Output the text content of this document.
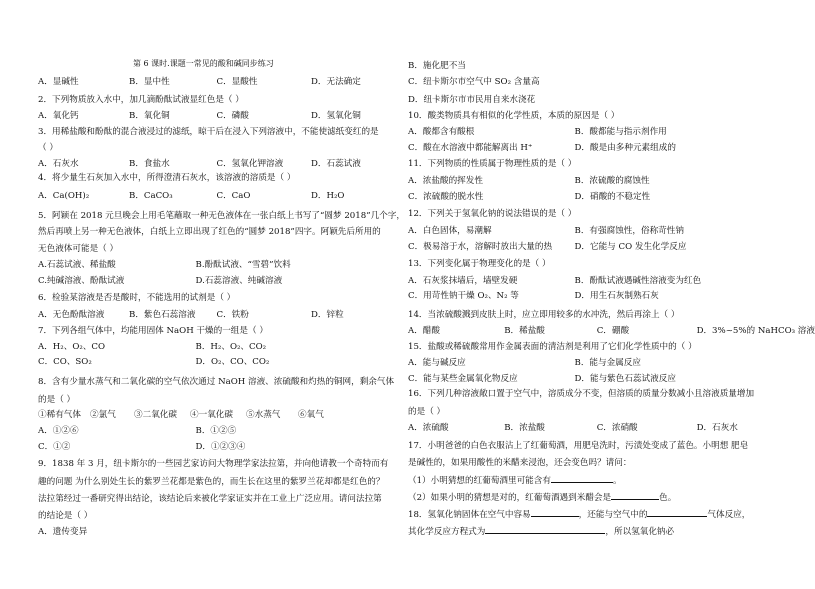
第 6 课时.课题一常见的酸和碱同步练习
A．显碱性	B．显中性	C．显酸性	D．无法确定
2．下列物质放入水中，加几滴酚酞试液显红色是（ ）
A．氧化钙	B．氧化铜	C．磷酸	D．氢氧化铜
3．用稀盐酸和酚酞的混合液浸过的滤纸，晾干后在浸入下列溶液中，不能使滤纸变红的是
（ ）
A．石灰水	B．食盐水	C．氢氧化钾溶液	D．石蕊试液
4．将少量生石灰加入水中，所得澄清石灰水，该溶液的溶质是（ ）
A．Ca(OH)₂	B．CaCO₃	C．CaO	D．H₂O
5．阿颖在 2018 元旦晚会上用毛笔蘸取一种无色液体在一张白纸上书写了“圆梦 2018”几个字，
然后再喷上另一种无色液体，白纸上立即出现了红色的“圆梦 2018”四字。阿颖先后所用的
无色液体可能是（ ）
A.石蕊试液、稀盐酸	B.酚酞试液、“雪碧”饮料
C.纯碱溶液、酚酞试液	D.石蕊溶液、纯碱溶液
6．检验某溶液是否是酸时，不能选用的试剂是（ ）
A．无色酚酞溶液	B．紫色石蕊溶液	C．铁粉	D．锌粒
7．下列各组气体中，均能用固体 NaOH 干燥的一组是（ ）
A．H₂、O₂、CO	B．H₂、O₂、CO₂
C．CO、SO₂	D．O₂、CO、CO₂
8．含有少量水蒸气和二氧化碳的空气依次通过 NaOH 溶液、浓硫酸和灼热的铜网，剩余气体
的是（ ）
①稀有气体	②氯气	③二氧化碳	④一氧化碳	⑤水蒸气	⑥氧气
A．①②⑥	B．①②⑤
C．①②	D．①②③④
9．1838 年 3 月，纽卡斯尔的一些园艺家访问大物理学家法拉第，并向他请教一个奇特而有
趣的问题 为什么别处生长的紫罗兰花都是紫色的，而生长在这里的紫罗兰花却都是红色的？
法拉第经过一番研究得出结论，该结论后来被化学家证实并在工业上广泛应用。请问法拉第
的结论是（ ）
A．遗传变异
B．施化肥不当
C．纽卡斯尔市空气中 SO₂ 含量高
D．纽卡斯尔市市民用自来水浇花
10．酸类物质具有相似的化学性质，本质的原因是（ ）
A．酸都含有酸根	B．酸都能与指示剂作用
C．酸在水溶液中都能解离出 H⁺	D．酸是由多种元素组成的
11．下列物质的性质属于物理性质的是（ ）
A．浓盐酸的挥发性	B．浓硫酸的腐蚀性
C．浓硫酸的脱水性	D．硝酸的不稳定性
12．下列关于氢氧化钠的说法错误的是（ ）
A．白色固体，易潮解	B．有强腐蚀性，俗称苛性钠
C．极易溶于水，溶解时放出大量的热	D．它能与 CO 发生化学反应
13．下列变化属于物理变化的是（ ）
A．石灰浆抹墙后，墙壁发硬	B．酚酞试液遇碱性溶液变为红色
C．用苛性钠干燥 O₂、N₂ 等	D．用生石灰制熟石灰
14．当浓硫酸溅到皮肤上时，应立即用较多的水冲洗，然后再涂上（ ）
A．醋酸	B．稀盐酸	C．硼酸	D．3%~5%的 NaHCO₃ 溶液
15．盐酸或稀硫酸常用作金属表面的清洁剂是利用了它们化学性质中的（ ）
A．能与碱反应	B．能与金属反应
C．能与某些金属氧化物反应	D．能与紫色石蕊试液反应
16．下列几种溶液敞口置于空气中，溶质成分不变，但溶质的质量分数减小且溶液质量增加
的是（ ）
A．浓硫酸	B．浓盐酸	C．浓硝酸	D．石灰水
17．小明爸爸的白色衣服沾上了红葡萄酒，用肥皂洗时，污渍处变成了蓝色。小明想 肥皂
是碱性的，如果用酸性的米醋来浸泡，还会变色吗？请问：
（1）小明猜想的红葡萄酒里可能含有	。
（2）如果小明的猜想是对的，红葡萄酒遇到米醋会是	色。
18．氢氧化钠固体在空气中容易	，还能与空气中的	气体反应，
其化学反应方程式为	，所以氢氧化钠必
